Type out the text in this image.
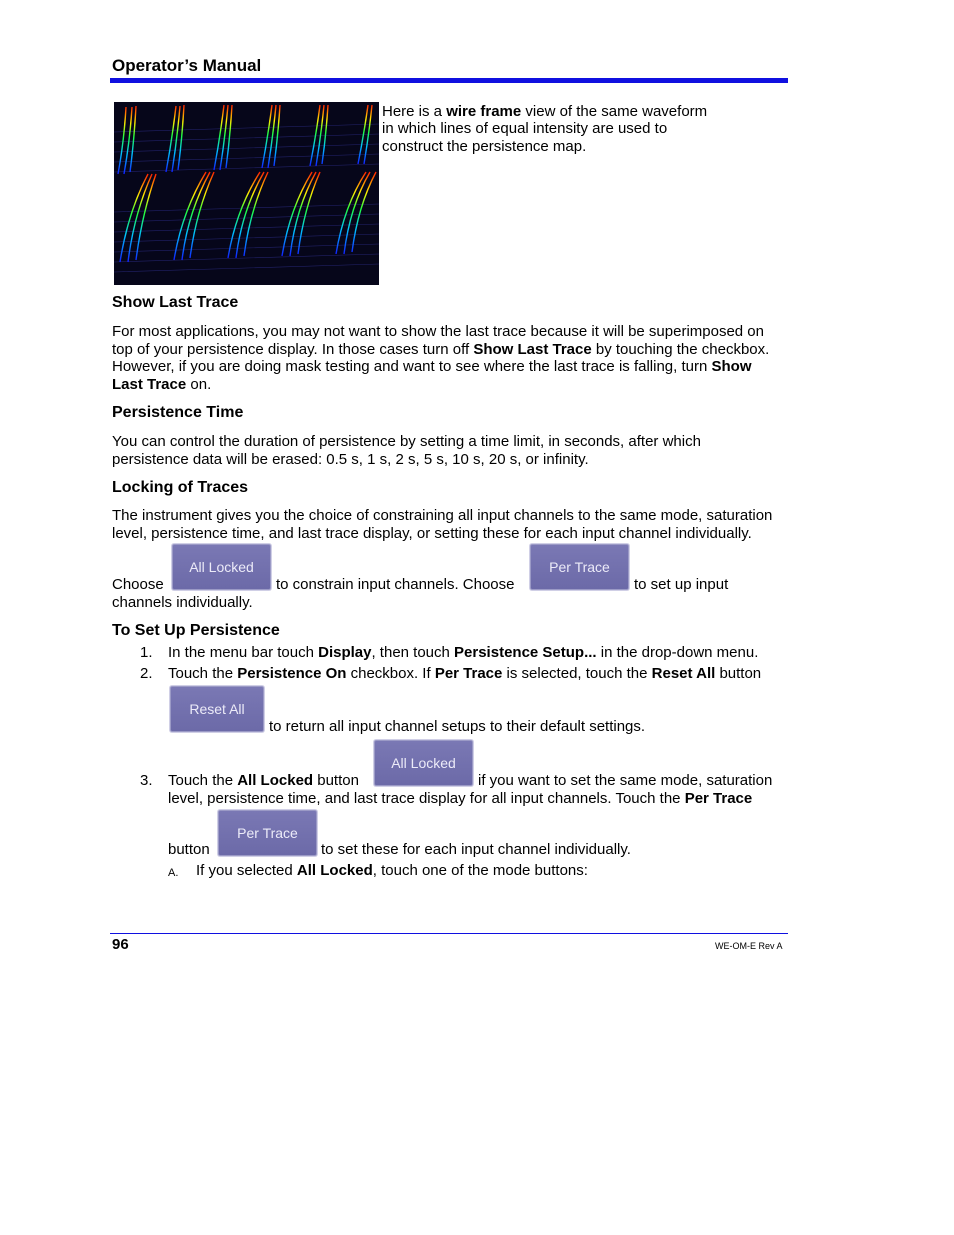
Operator’s Manual
Here is a wire frame view of the same waveform
in which lines of equal intensity are used to
construct the persistence map.
Show Last Trace
For most applications, you may not want to show the last trace because it will be superimposed on
top of your persistence display. In those cases turn off Show Last Trace by touching the checkbox.
However, if you are doing mask testing and want to see where the last trace is falling, turn Show
Last Trace on.
Persistence Time
You can control the duration of persistence by setting a time limit, in seconds, after which
persistence data will be erased: 0.5 s, 1 s, 2 s, 5 s, 10 s, 20 s, or infinity.
Locking of Traces
The instrument gives you the choice of constraining all input channels to the same mode, saturation
level, persistence time, and last trace display, or setting these for each input channel individually.
Choose
All Locked
to constrain input channels. Choose
Per Trace
to set up input
channels individually.
To Set Up Persistence
1. In the menu bar touch Display, then touch Persistence Setup... in the drop-down menu.
2. Touch the Persistence On checkbox. If Per Trace is selected, touch the Reset All button
Reset All
to return all input channel setups to their default settings.
3. Touch the All Locked button
All Locked
if you want to set the same mode, saturation
level, persistence time, and last trace display for all input channels. Touch the Per Trace
button
Per Trace
to set these for each input channel individually.
A. If you selected All Locked, touch one of the mode buttons:
96	WE-OM-E Rev A
